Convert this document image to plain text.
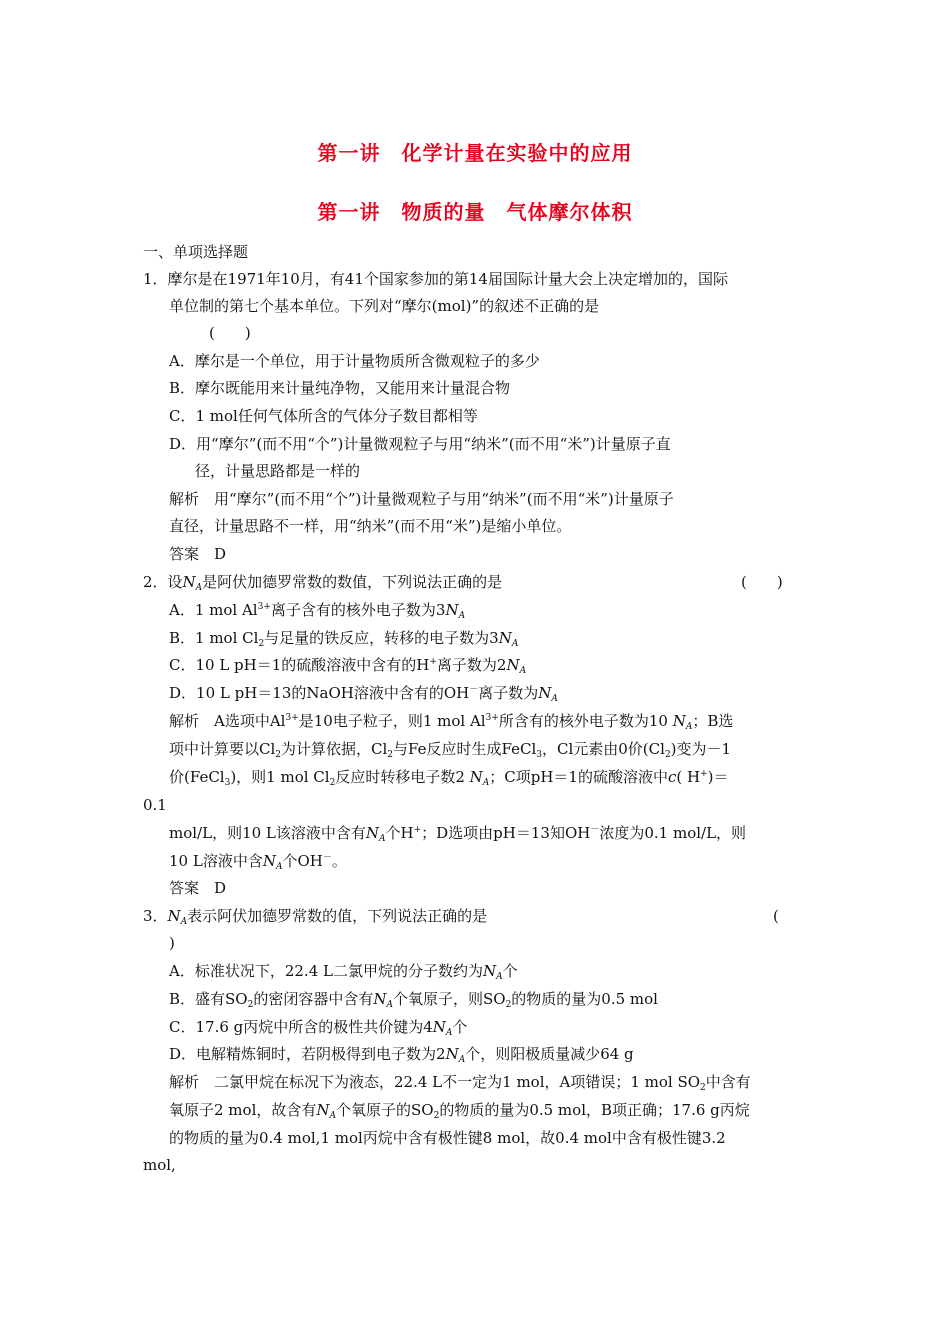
第一讲　化学计量在实验中的应用
第一讲　物质的量　气体摩尔体积
一、单项选择题
1．摩尔是在1971年10月，有41个国家参加的第14届国际计量大会上决定增加的，国际
单位制的第七个基本单位。下列对“摩尔(mol)”的叙述不正确的是
(　　)
A．摩尔是一个单位，用于计量物质所含微观粒子的多少
B．摩尔既能用来计量纯净物，又能用来计量混合物
C．1 mol任何气体所含的气体分子数目都相等
D．用“摩尔”(而不用“个”)计量微观粒子与用“纳米”(而不用“米”)计量原子直
径，计量思路都是一样的
解析　用“摩尔”(而不用“个”)计量微观粒子与用“纳米”(而不用“米”)计量原子
直径，计量思路不一样，用“纳米”(而不用“米”)是缩小单位。
答案　D
2．设$N_A$是阿伏加德罗常数的数值，下列说法正确的是	(　　)
A．1 mol $Al^{3+}$离子含有的核外电子数为$3N_A$
B．1 mol $Cl_2$与足量的铁反应，转移的电子数为$3N_A$
C．10 L pH＝1的硫酸溶液中含有的H+离子数为$2N_A$
D．10 L pH＝13的NaOH溶液中含有的OH－离子数为$N_A$
解析　A选项中$Al^{3+}$是10电子粒子，则1 mol $Al^{3+}$所含有的核外电子数为10 $N_A$；B选
项中计算要以$Cl_2$为计算依据，$Cl_2$与Fe反应时生成FeCl$_3$，Cl元素由0价$(Cl_2)$变为－1
价(FeCl$_3$)，则1 mol $Cl_2$反应时转移电子数2 $N_A$；C项pH＝1的硫酸溶液中c( H+)＝
0.1
mol/L，则10 L该溶液中含有$N_A$个H+；D选项由pH＝13知OH－浓度为0.1 mol/L，则
10 L溶液中含$N_A$个OH－。
答案　D
3．$N_A$表示阿伏加德罗常数的值，下列说法正确的是	(
)
A．标准状况下，22.4 L二氯甲烷的分子数约为$N_A$个
B．盛有$SO_2$的密闭容器中含有$N_A$个氧原子，则$SO_2$的物质的量为0.5 mol
C．17.6 g丙烷中所含的极性共价键为$4N_A$个
D．电解精炼铜时，若阴极得到电子数为$2N_A$个，则阳极质量减少64 g
解析　二氯甲烷在标况下为液态，22.4 L不一定为1 mol，A项错误；1 mol $SO_2$中含有
氧原子2 mol，故含有$N_A$个氧原子的$SO_2$的物质的量为0.5 mol，B项正确；17.6 g丙烷
的物质的量为0.4 mol,1 mol丙烷中含有极性键8 mol，故0.4 mol中含有极性键3.2
mol,
